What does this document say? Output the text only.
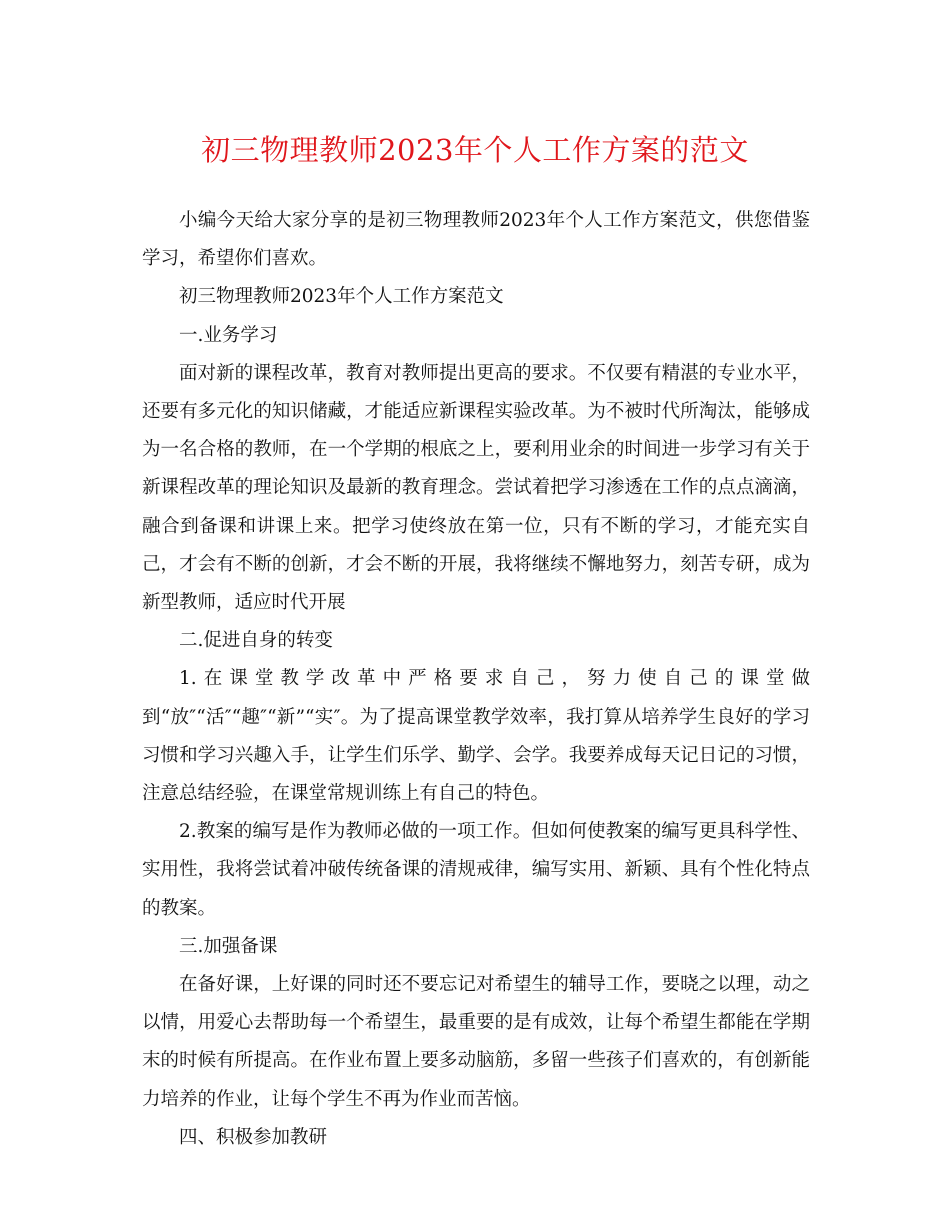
初三物理教师2023年个人工作方案的范文

小编今天给大家分享的是初三物理教师2023年个人工作方案范文，供您借鉴学习，希望你们喜欢。

初三物理教师2023年个人工作方案范文

一.业务学习

面对新的课程改革，教育对教师提出更高的要求。不仅要有精湛的专业水平，还要有多元化的知识储藏，才能适应新课程实验改革。为不被时代所淘汰，能够成为一名合格的教师，在一个学期的根底之上，要利用业余的时间进一步学习有关于新课程改革的理论知识及最新的教育理念。尝试着把学习渗透在工作的点点滴滴，融合到备课和讲课上来。把学习使终放在第一位，只有不断的学习，才能充实自己，才会有不断的创新，才会不断的开展，我将继续不懈地努力，刻苦专研，成为新型教师，适应时代开展

二.促进自身的转变

1.在课堂教学改革中严格要求自己，努力使自己的课堂做到“放″“活″“趣″“新”“实″。为了提高课堂教学效率，我打算从培养学生良好的学习习惯和学习兴趣入手，让学生们乐学、勤学、会学。我要养成每天记日记的习惯，注意总结经验，在课堂常规训练上有自己的特色。

2.教案的编写是作为教师必做的一项工作。但如何使教案的编写更具科学性、实用性，我将尝试着冲破传统备课的清规戒律，编写实用、新颖、具有个性化特点的教案。

三.加强备课

在备好课，上好课的同时还不要忘记对希望生的辅导工作，要晓之以理，动之以情，用爱心去帮助每一个希望生，最重要的是有成效，让每个希望生都能在学期末的时候有所提高。在作业布置上要多动脑筋，多留一些孩子们喜欢的，有创新能力培养的作业，让每个学生不再为作业而苦恼。

四、积极参加教研
